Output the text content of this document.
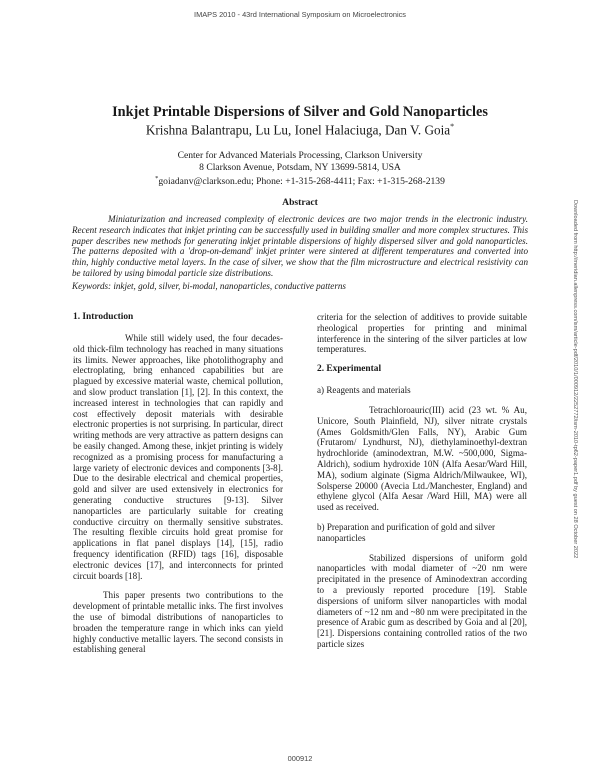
IMAPS 2010 - 43rd International Symposium on Microelectronics
Downloaded from http://meridian.allenpress.com/ism/article-pdf/2010/1/000912/2252772/ism-2010-tp62-paper1.pdf by guest on 28 October 2022
Inkjet Printable Dispersions of Silver and Gold Nanoparticles
Krishna Balantrapu, Lu Lu, Ionel Halaciuga, Dan V. Goia*
Center for Advanced Materials Processing, Clarkson University
8 Clarkson Avenue, Potsdam, NY 13699-5814, USA
*goiadanv@clarkson.edu; Phone: +1-315-268-4411; Fax: +1-315-268-2139
Abstract

Miniaturization and increased complexity of electronic devices are two major trends in the electronic industry. Recent research indicates that inkjet printing can be successfully used in building smaller and more complex structures. This paper describes new methods for generating inkjet printable dispersions of highly dispersed silver and gold nanoparticles. The patterns deposited with a 'drop-on-demand' inkjet printer were sintered at different temperatures and converted into thin, highly conductive metal layers. In the case of silver, we show that the film microstructure and electrical resistivity can be tailored by using bimodal particle size distributions.

Keywords: inkjet, gold, silver, bi-modal, nanoparticles, conductive patterns
1. Introduction

While still widely used, the four decades-old thick-film technology has reached in many situations its limits. Newer approaches, like photolithography and electroplating, bring enhanced capabilities but are plagued by excessive material waste, chemical pollution, and slow product translation [1], [2]. In this context, the increased interest in technologies that can rapidly and cost effectively deposit materials with desirable electronic properties is not surprising. In particular, direct writing methods are very attractive as pattern designs can be easily changed. Among these, inkjet printing is widely recognized as a promising process for manufacturing a large variety of electronic devices and components [3-8]. Due to the desirable electrical and chemical properties, gold and silver are used extensively in electronics for generating conductive structures [9-13]. Silver nanoparticles are particularly suitable for creating conductive circuitry on thermally sensitive substrates. The resulting flexible circuits hold great promise for applications in flat panel displays [14], [15], radio frequency identification (RFID) tags [16], disposable electronic devices [17], and interconnects for printed circuit boards [18].

This paper presents two contributions to the development of printable metallic inks. The first involves the use of bimodal distributions of nanoparticles to broaden the temperature range in which inks can yield highly conductive metallic layers. The second consists in establishing general

criteria for the selection of additives to provide suitable rheological properties for printing and minimal interference in the sintering of the silver particles at low temperatures.

2. Experimental
a) Reagents and materials

Tetrachloroauric(III) acid (23 wt. % Au, Unicore, South Plainfield, NJ), silver nitrate crystals (Ames Goldsmith/Glen Falls, NY), Arabic Gum (Frutarom/ Lyndhurst, NJ), diethylaminoethyl-dextran hydrochloride (aminodextran, M.W. ~500,000, Sigma-Aldrich), sodium hydroxide 10N (Alfa Aesar/Ward Hill, MA), sodium alginate (Sigma Aldrich/Milwaukee, WI), Solsperse 20000 (Avecia Ltd./Manchester, England) and ethylene glycol (Alfa Aesar /Ward Hill, MA) were all used as received.

b) Preparation and purification of gold and silver nanoparticles

Stabilized dispersions of uniform gold nanoparticles with modal diameter of ~20 nm were precipitated in the presence of Aminodextran according to a previously reported procedure [19]. Stable dispersions of uniform silver nanoparticles with modal diameters of ~12 nm and ~80 nm were precipitated in the presence of Arabic gum as described by Goia and al [20], [21]. Dispersions containing controlled ratios of the two particle sizes

000912
